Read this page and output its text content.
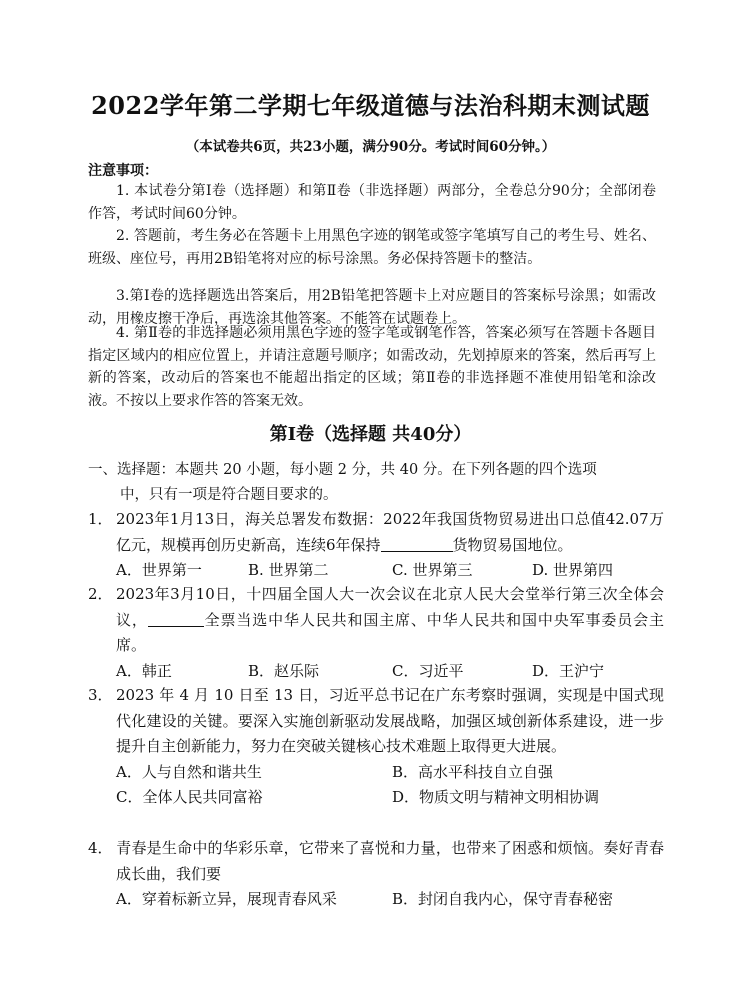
2022学年第二学期七年级道德与法治科期末测试题
（本试卷共6页，共23小题，满分90分。考试时间60分钟。）
注意事项：
1. 本试卷分第Ⅰ卷（选择题）和第Ⅱ卷（非选择题）两部分，全卷总分90分；全部闭卷作答，考试时间60分钟。
2. 答题前，考生务必在答题卡上用黑色字迹的钢笔或签字笔填写自己的考生号、姓名、班级、座位号，再用2B铅笔将对应的标号涂黑。务必保持答题卡的整洁。
3.第Ⅰ卷的选择题选出答案后，用2B铅笔把答题卡上对应题目的答案标号涂黑；如需改动，用橡皮擦干净后，再选涂其他答案。不能答在试题卷上。
4. 第Ⅱ卷的非选择题必须用黑色字迹的签字笔或钢笔作答，答案必须写在答题卡各题目指定区域内的相应位置上，并请注意题号顺序；如需改动，先划掉原来的答案，然后再写上新的答案，改动后的答案也不能超出指定的区域；第Ⅱ卷的非选择题不准使用铅笔和涂改液。不按以上要求作答的答案无效。
第Ⅰ卷（选择题 共40分）
一、选择题：本题共 20 小题，每小题 2 分，共 40 分。在下列各题的四个选项
中，只有一项是符合题目要求的。
1． 2023年1月13日，海关总署发布数据：2022年我国货物贸易进出口总值42.07万亿元，规模再创历史新高，连续6年保持	货物贸易国地位。
A．世界第一	B. 世界第二	C. 世界第三	D. 世界第四
2． 2023年3月10日，十四届全国人大一次会议在北京人民大会堂举行第三次全体会议，	全票当选中华人民共和国主席、中华人民共和国中央军事委员会主席。
A．韩正	B．赵乐际	C．习近平	D．王沪宁
3． 2023 年 4 月 10 日至 13 日，习近平总书记在广东考察时强调，实现是中国式现代化建设的关键。要深入实施创新驱动发展战略，加强区域创新体系建设，进一步提升自主创新能力，努力在突破关键核心技术难题上取得更大进展。
A．人与自然和谐共生	B．高水平科技自立自强
C．全体人民共同富裕	D．物质文明与精神文明相协调
4． 青春是生命中的华彩乐章，它带来了喜悦和力量，也带来了困惑和烦恼。奏好青春成长曲，我们要
A．穿着标新立异，展现青春风采	B．封闭自我内心，保守青春秘密
